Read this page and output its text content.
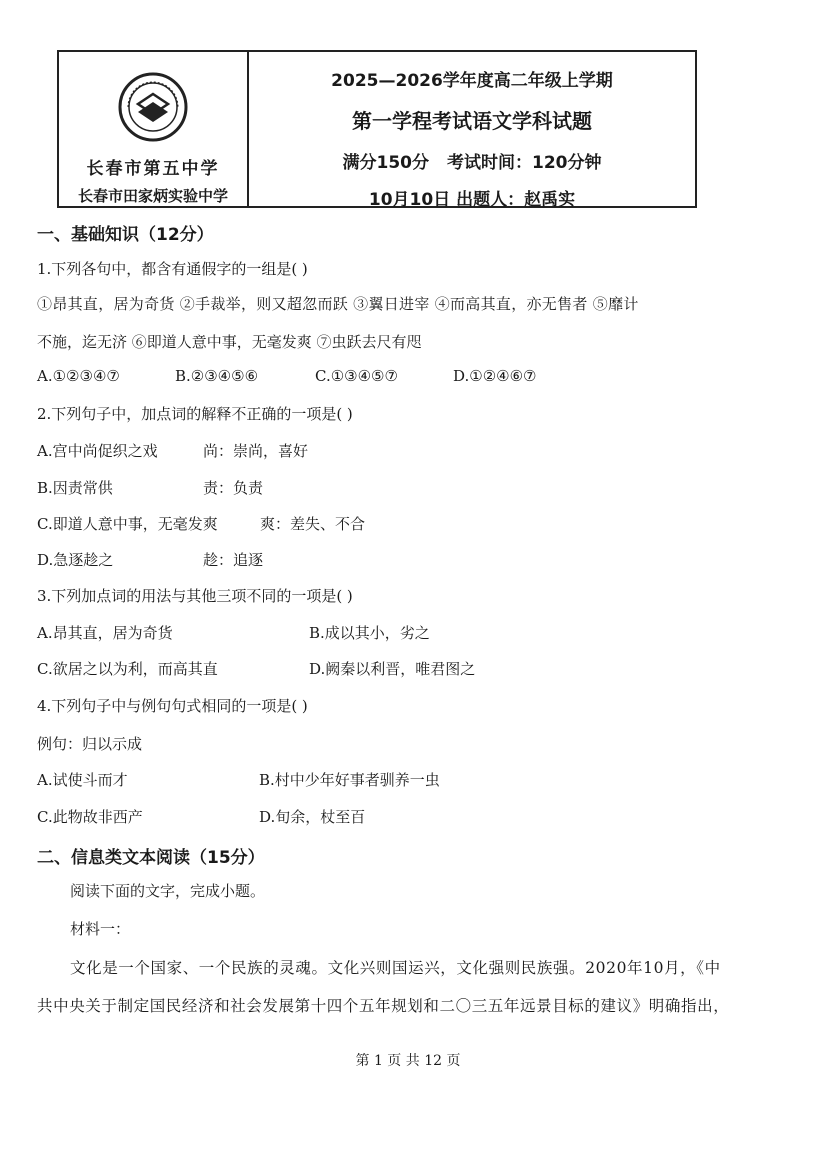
长春市第五中学
长春市田家炳实验中学
2025—2026学年度高二年级上学期
第一学程考试语文学科试题
满分150分 考试时间：120分钟
10月10日 出题人：赵禹实
一、基础知识（12分）
1.下列各句中，都含有通假字的一组是( )
①昂其直，居为奇货 ②手裁举，则又超忽而跃 ③翼日进宰 ④而高其直，亦无售者 ⑤靡计
不施，迄无济 ⑥即道人意中事，无毫发爽 ⑦虫跃去尺有咫
A.①②③④⑦	B.②③④⑤⑥	C.①③④⑤⑦	D.①②④⑥⑦
2.下列句子中，加点词的解释不正确的一项是( )
A.宫中尚促织之戏	尚：崇尚，喜好
B.因责常供	责：负责
C.即道人意中事，无毫发爽	爽：差失、不合
D.急逐趁之	趁：追逐
3.下列加点词的用法与其他三项不同的一项是( )
A.昂其直，居为奇货	B.成以其小，劣之
C.欲居之以为利，而高其直	D.阙秦以利晋，唯君图之
4.下列句子中与例句句式相同的一项是( )
例句：归以示成
A.试使斗而才	B.村中少年好事者驯养一虫
C.此物故非西产	D.旬余，杖至百
二、信息类文本阅读（15分）
阅读下面的文字，完成小题。
材料一：
文化是一个国家、一个民族的灵魂。文化兴则国运兴，文化强则民族强。2020年10月，《中
共中央关于制定国民经济和社会发展第十四个五年规划和二〇三五年远景目标的建议》明确指出，
第 1 页 共 12 页
